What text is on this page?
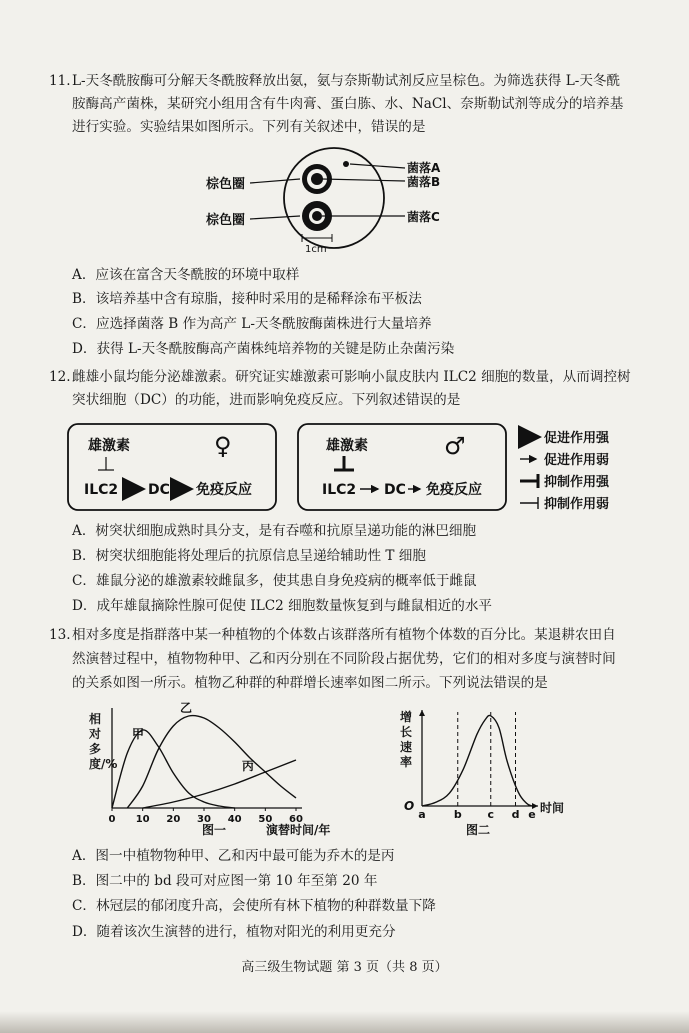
11. L-天冬酰胺酶可分解天冬酰胺释放出氨，氨与奈斯勒试剂反应呈棕色。为筛选获得 L-天冬酰
胺酶高产菌株，某研究小组用含有牛肉膏、蛋白胨、水、NaCl、奈斯勒试剂等成分的培养基
进行实验。实验结果如图所示。下列有关叙述中，错误的是
棕色圈
棕色圈
菌落A
菌落B
菌落C
1cm
A．应该在富含天冬酰胺的环境中取样
B．该培养基中含有琼脂，接种时采用的是稀释涂布平板法
C．应选择菌落 B 作为高产 L-天冬酰胺酶菌株进行大量培养
D．获得 L-天冬酰胺酶高产菌株纯培养物的关键是防止杂菌污染
12. 雌雄小鼠均能分泌雄激素。研究证实雄激素可影响小鼠皮肤内 ILC2 细胞的数量，从而调控树
突状细胞（DC）的功能，进而影响免疫反应。下列叙述错误的是
雄激素	♀
ILC2 DC 免疫反应
雄激素	♂
ILC2 DC 免疫反应
促进作用强
促进作用弱
抑制作用强
抑制作用弱
A．树突状细胞成熟时具分支，是有吞噬和抗原呈递功能的淋巴细胞
B．树突状细胞能将处理后的抗原信息呈递给辅助性 T 细胞
C．雄鼠分泌的雄激素较雌鼠多，使其患自身免疫病的概率低于雌鼠
D．成年雄鼠摘除性腺可促使 ILC2 细胞数量恢复到与雌鼠相近的水平
13. 相对多度是指群落中某一种植物的个体数占该群落所有植物个体数的百分比。某退耕农田自
然演替过程中，植物物种甲、乙和丙分别在不同阶段占据优势，它们的相对多度与演替时间
的关系如图一所示。植物乙种群的种群增长速率如图二所示。下列说法错误的是
0 10 20 30 40 50 60
甲
乙
丙
图一	演替时间/年
相对多度/%
a	b c d e
O	时间
图二
增长速率
A．图一中植物物种甲、乙和丙中最可能为乔木的是丙
B．图二中的 bd 段可对应图一第 10 年至第 20 年
C．林冠层的郁闭度升高，会使所有林下植物的种群数量下降
D．随着该次生演替的进行，植物对阳光的利用更充分
高三级生物试题 第 3 页（共 8 页）
